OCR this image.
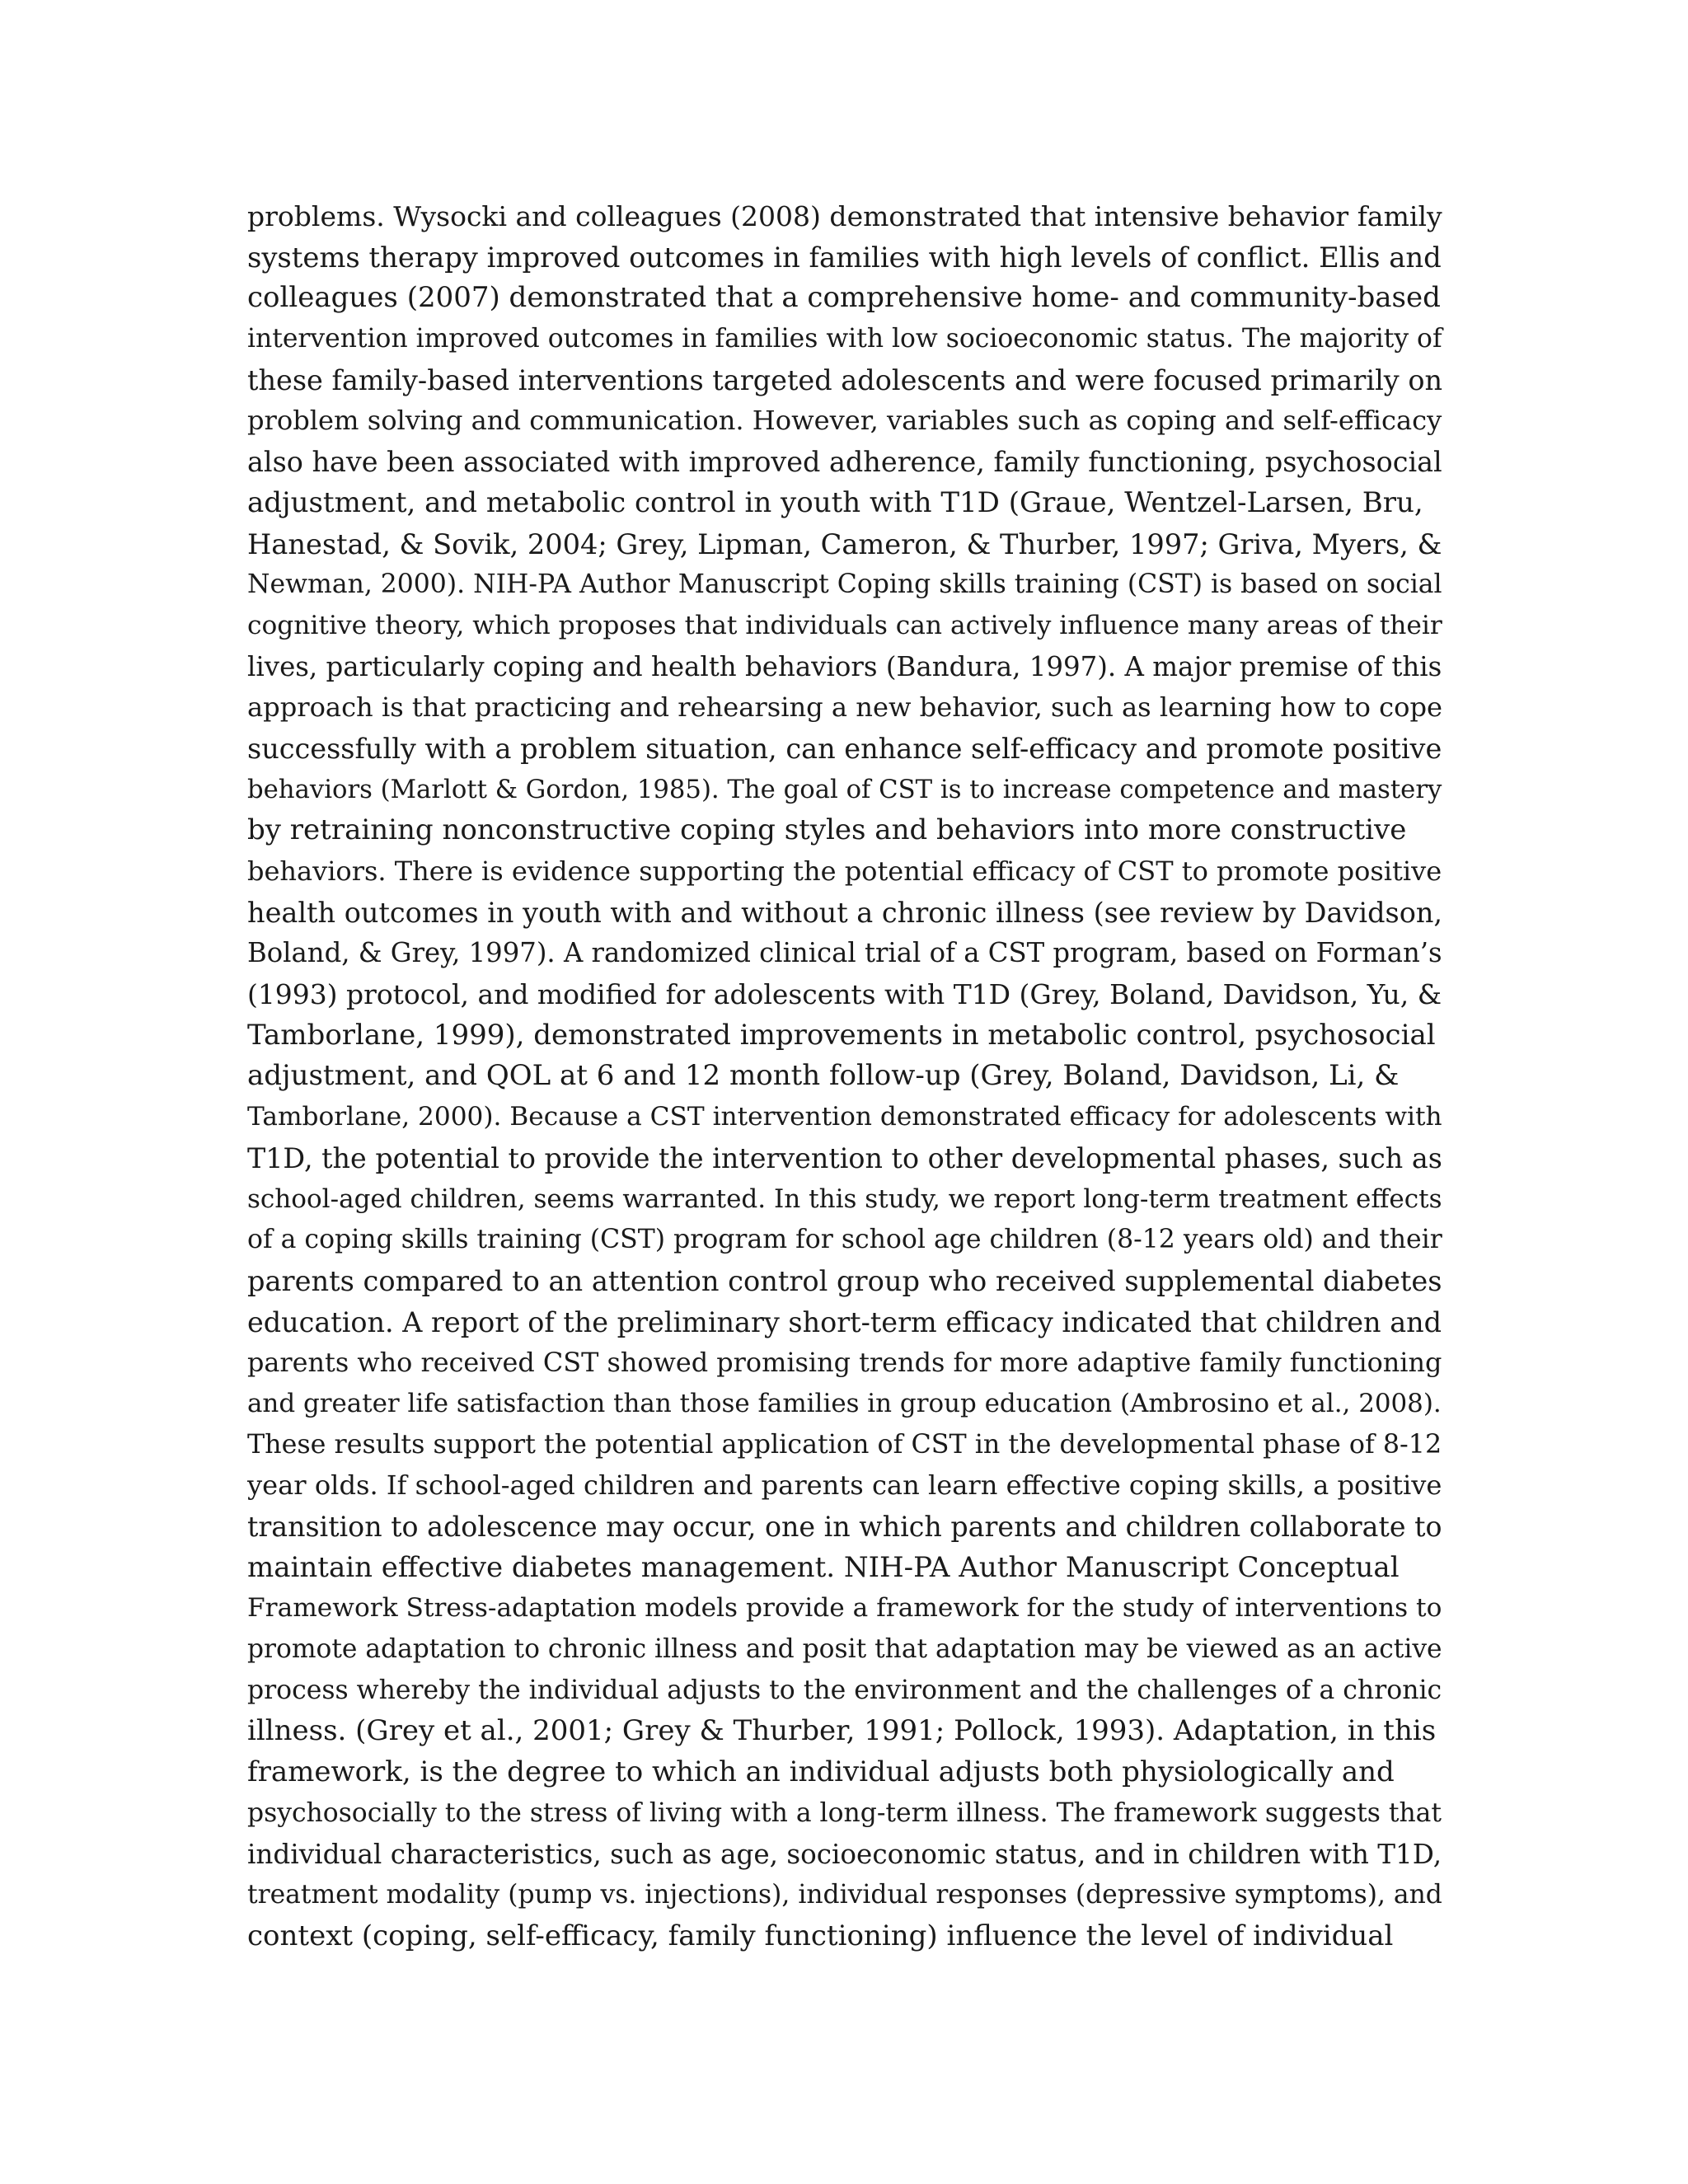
problems. Wysocki and colleagues (2008) demonstrated that intensive behavior family
systems therapy improved outcomes in families with high levels of conflict. Ellis and
colleagues (2007) demonstrated that a comprehensive home- and community-based
intervention improved outcomes in families with low socioeconomic status. The majority of
these family-based interventions targeted adolescents and were focused primarily on
problem solving and communication. However, variables such as coping and self-efficacy
also have been associated with improved adherence, family functioning, psychosocial
adjustment, and metabolic control in youth with T1D (Graue, Wentzel-Larsen, Bru,
Hanestad, & Sovik, 2004; Grey, Lipman, Cameron, & Thurber, 1997; Griva, Myers, &
Newman, 2000). NIH-PA Author Manuscript Coping skills training (CST) is based on social
cognitive theory, which proposes that individuals can actively influence many areas of their
lives, particularly coping and health behaviors (Bandura, 1997). A major premise of this
approach is that practicing and rehearsing a new behavior, such as learning how to cope
successfully with a problem situation, can enhance self-efficacy and promote positive
behaviors (Marlott & Gordon, 1985). The goal of CST is to increase competence and mastery
by retraining nonconstructive coping styles and behaviors into more constructive
behaviors. There is evidence supporting the potential efficacy of CST to promote positive
health outcomes in youth with and without a chronic illness (see review by Davidson,
Boland, & Grey, 1997). A randomized clinical trial of a CST program, based on Forman’s
(1993) protocol, and modified for adolescents with T1D (Grey, Boland, Davidson, Yu, &
Tamborlane, 1999), demonstrated improvements in metabolic control, psychosocial
adjustment, and QOL at 6 and 12 month follow-up (Grey, Boland, Davidson, Li, &
Tamborlane, 2000). Because a CST intervention demonstrated efficacy for adolescents with
T1D, the potential to provide the intervention to other developmental phases, such as
school-aged children, seems warranted. In this study, we report long-term treatment effects
of a coping skills training (CST) program for school age children (8-12 years old) and their
parents compared to an attention control group who received supplemental diabetes
education. A report of the preliminary short-term efficacy indicated that children and
parents who received CST showed promising trends for more adaptive family functioning
and greater life satisfaction than those families in group education (Ambrosino et al., 2008).
These results support the potential application of CST in the developmental phase of 8-12
year olds. If school-aged children and parents can learn effective coping skills, a positive
transition to adolescence may occur, one in which parents and children collaborate to
maintain effective diabetes management. NIH-PA Author Manuscript Conceptual
Framework Stress-adaptation models provide a framework for the study of interventions to
promote adaptation to chronic illness and posit that adaptation may be viewed as an active
process whereby the individual adjusts to the environment and the challenges of a chronic
illness. (Grey et al., 2001; Grey & Thurber, 1991; Pollock, 1993). Adaptation, in this
framework, is the degree to which an individual adjusts both physiologically and
psychosocially to the stress of living with a long-term illness. The framework suggests that
individual characteristics, such as age, socioeconomic status, and in children with T1D,
treatment modality (pump vs. injections), individual responses (depressive symptoms), and
context (coping, self-efficacy, family functioning) influence the level of individual
